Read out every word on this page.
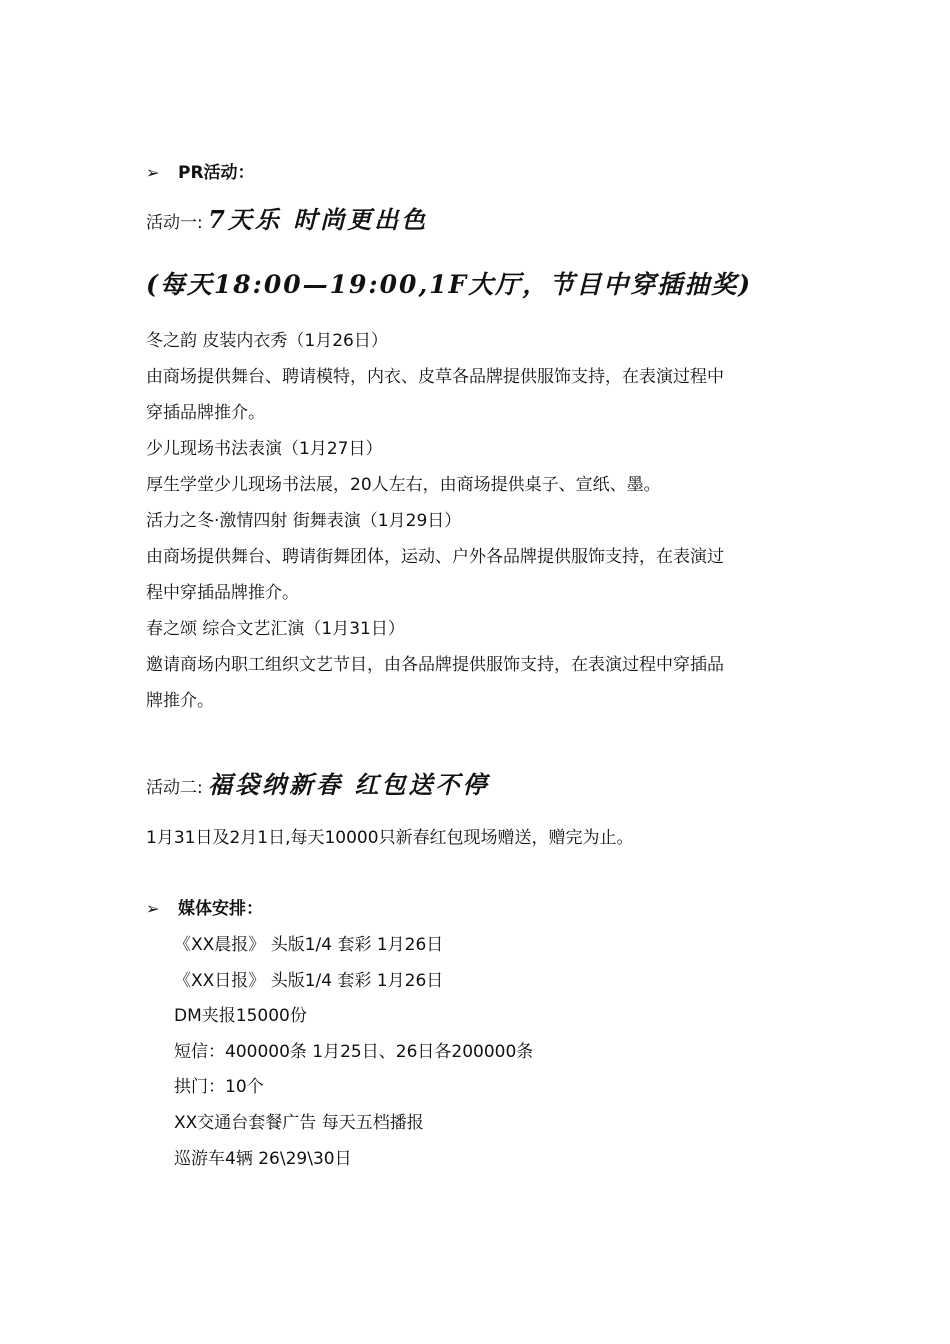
➢ PR活动：
活动一: 7天乐 时尚更出色
(每天18:00—19:00,1F大厅，节目中穿插抽奖)
冬之韵 皮装内衣秀（1月26日）
由商场提供舞台、聘请模特，内衣、皮草各品牌提供服饰支持，在表演过程中
穿插品牌推介。
少儿现场书法表演（1月27日）
厚生学堂少儿现场书法展，20人左右，由商场提供桌子、宣纸、墨。
活力之冬·激情四射 街舞表演（1月29日）
由商场提供舞台、聘请街舞团体，运动、户外各品牌提供服饰支持，在表演过
程中穿插品牌推介。
春之颂 综合文艺汇演（1月31日）
邀请商场内职工组织文艺节目，由各品牌提供服饰支持，在表演过程中穿插品
牌推介。
活动二: 福袋纳新春 红包送不停
1月31日及2月1日,每天10000只新春红包现场赠送，赠完为止。
➢ 媒体安排：
《XX晨报》 头版1/4 套彩 1月26日
《XX日报》 头版1/4 套彩 1月26日
DM夹报15000份
短信：400000条 1月25日、26日各200000条
拱门：10个
XX交通台套餐广告 每天五档播报
巡游车4辆 26\29\30日
